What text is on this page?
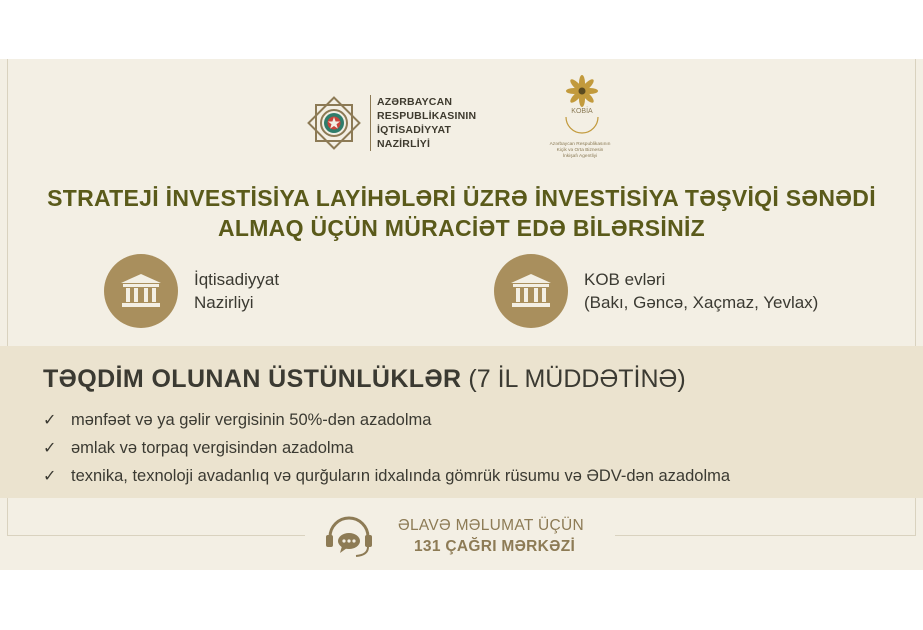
AZƏRBAYCAN
RESPUBLİKASININ
İQTİSADİYYAT
NAZİRLİYİ
KOBİA
Azərbaycan Respublikasının
Kiçik və Orta Biznesin
İnkişafı Agentliyi
STRATEJİ İNVESTİSİYA LAYİHƏLƏRİ ÜZRƏ İNVESTİSİYA TƏŞVİQİ SƏNƏDİ
ALMAQ ÜÇÜN MÜRACİƏT EDƏ BİLƏRSİNİZ
İqtisadiyyat
Nazirliyi
KOB evləri
(Bakı, Gəncə, Xaçmaz, Yevlax)
TƏQDİM OLUNAN ÜSTÜNLÜKLƏR (7 İL MÜDDƏTİNƏ)
✓ mənfəət və ya gəlir vergisinin 50%-dən azadolma
✓ əmlak və torpaq vergisindən azadolma
✓ texnika, texnoloji avadanlıq və qurğuların idxalında gömrük rüsumu və ƏDV-dən azadolma
ƏLAVƏ MƏLUMAT ÜÇÜN
131 ÇAĞRI MƏRKƏZİ
